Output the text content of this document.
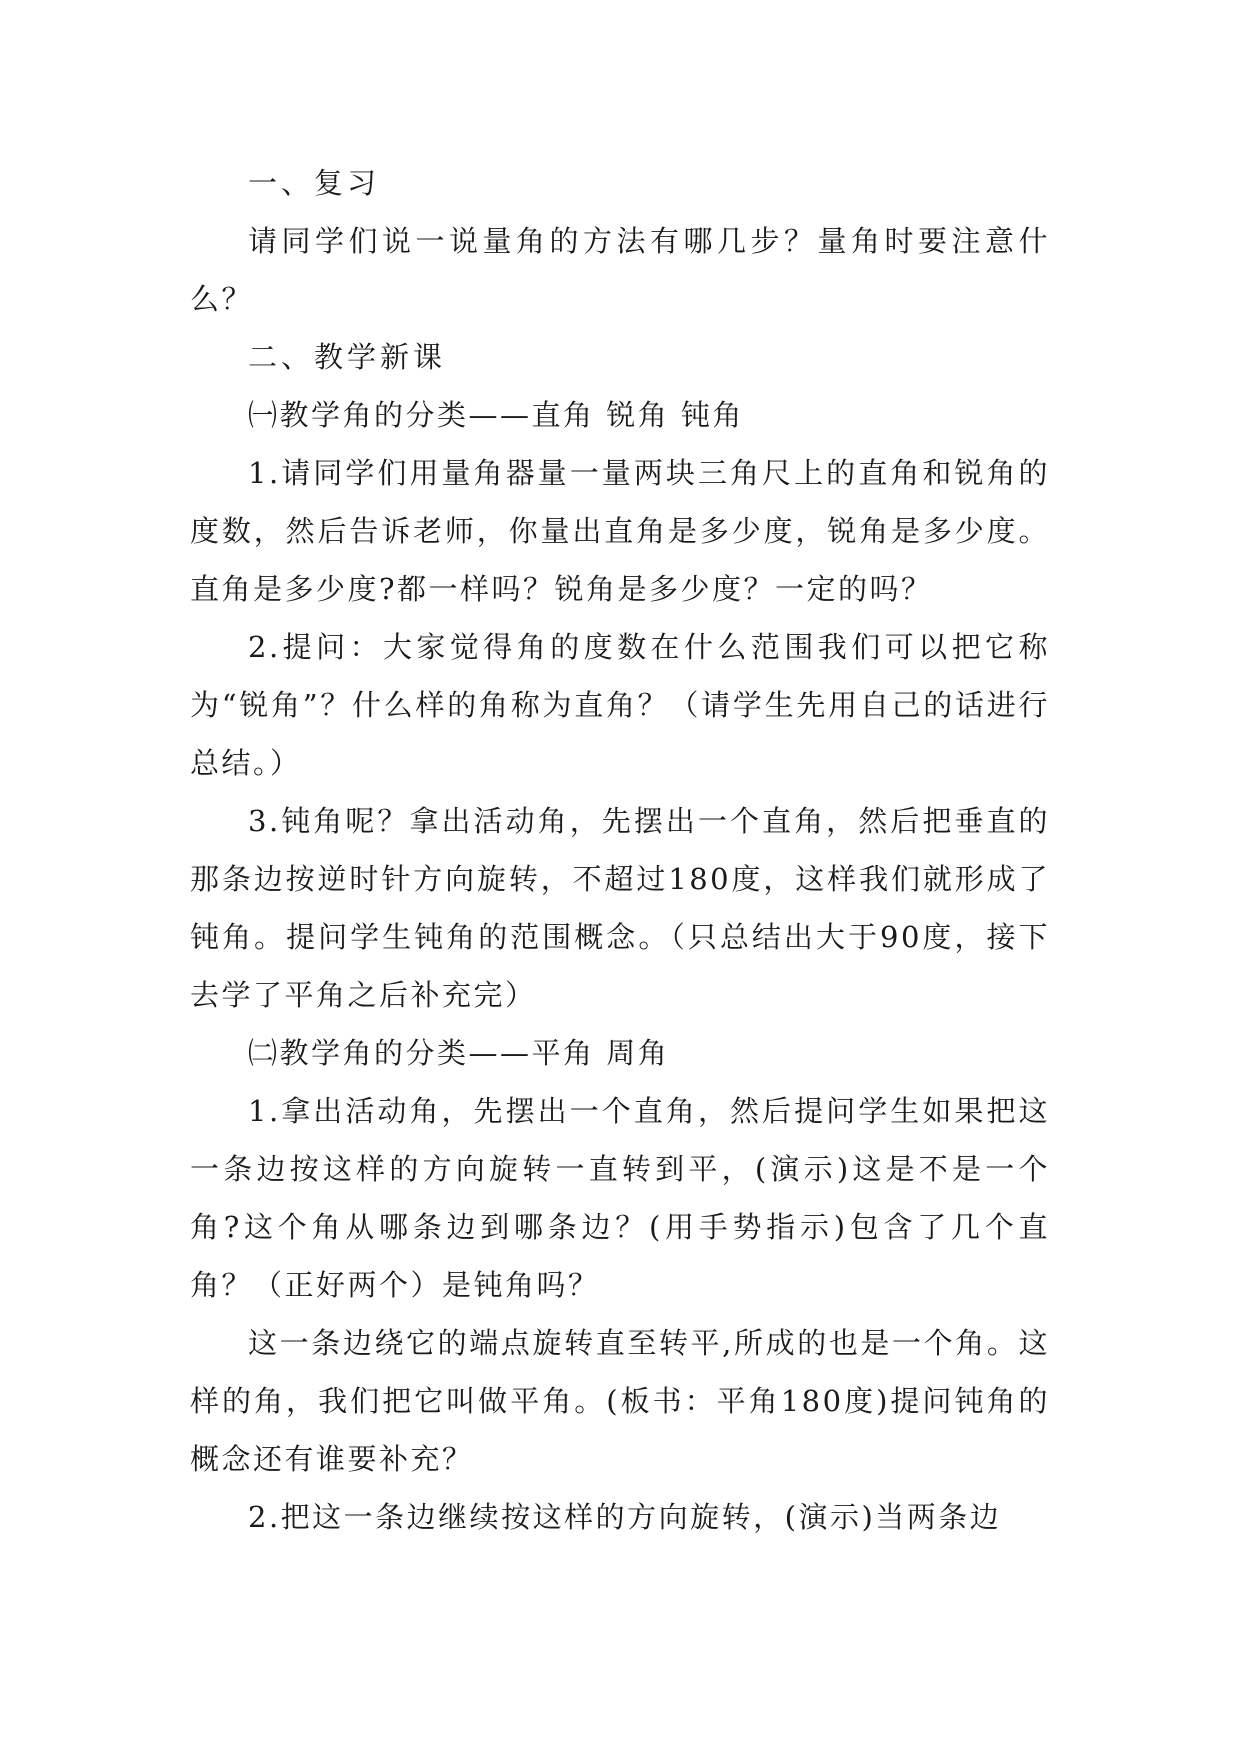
一、复习

请同学们说一说量角的方法有哪几步？量角时要注意什么？

二、教学新课

㈠教学角的分类——直角 锐角 钝角

1.请同学们用量角器量一量两块三角尺上的直角和锐角的度数，然后告诉老师，你量出直角是多少度，锐角是多少度。直角是多少度?都一样吗？锐角是多少度？一定的吗？

2.提问：大家觉得角的度数在什么范围我们可以把它称为“锐角”？什么样的角称为直角？（请学生先用自己的话进行总结。）

3.钝角呢？拿出活动角，先摆出一个直角，然后把垂直的那条边按逆时针方向旋转，不超过180度，这样我们就形成了钝角。提问学生钝角的范围概念。（只总结出大于90度，接下去学了平角之后补充完）

㈡教学角的分类——平角 周角

1.拿出活动角，先摆出一个直角，然后提问学生如果把这一条边按这样的方向旋转一直转到平，(演示)这是不是一个角?这个角从哪条边到哪条边？(用手势指示)包含了几个直角？（正好两个）是钝角吗？

这一条边绕它的端点旋转直至转平,所成的也是一个角。这样的角，我们把它叫做平角。(板书：平角180度)提问钝角的概念还有谁要补充？

2.把这一条边继续按这样的方向旋转，(演示)当两条边
